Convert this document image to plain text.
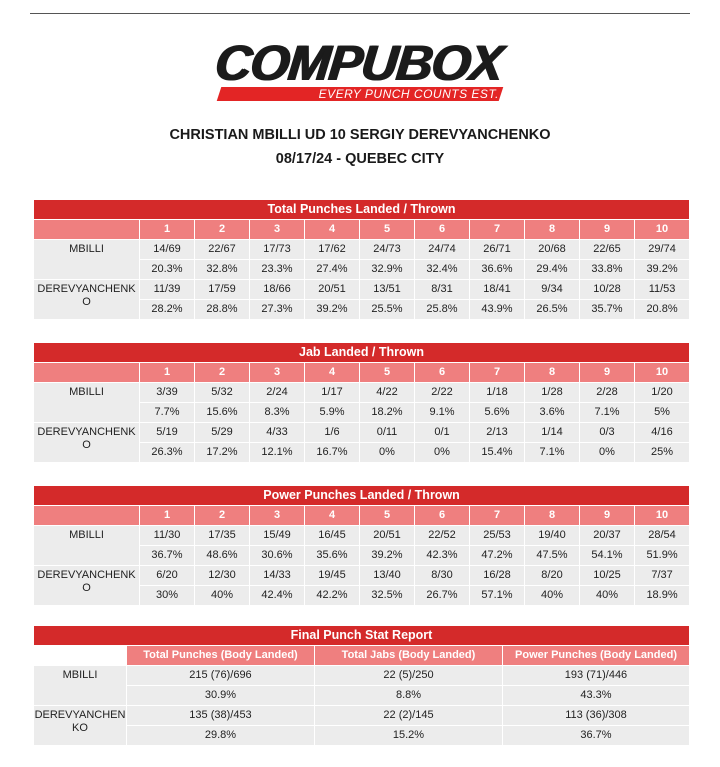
COMPUBOX
EVERY PUNCH COUNTS EST. 1985
CHRISTIAN MBILLI UD 10 SERGIY DEREVYANCHENKO
08/17/24 - QUEBEC CITY
Total Punches Landed / Thrown										
	1	2	3	4	5	6	7	8	9	10
MBILLI	14/69	22/67	17/73	17/62	24/73	24/74	26/71	20/68	22/65	29/74
	20.3%	32.8%	23.3%	27.4%	32.9%	32.4%	36.6%	29.4%	33.8%	39.2%
DEREVYANCHENKO	11/39	17/59	18/66	20/51	13/51	8/31	18/41	9/34	10/28	11/53
	28.2%	28.8%	27.3%	39.2%	25.5%	25.8%	43.9%	26.5%	35.7%	20.8%
Jab Landed / Thrown										
	1	2	3	4	5	6	7	8	9	10
MBILLI	3/39	5/32	2/24	1/17	4/22	2/22	1/18	1/28	2/28	1/20
	7.7%	15.6%	8.3%	5.9%	18.2%	9.1%	5.6%	3.6%	7.1%	5%
DEREVYANCHENKO	5/19	5/29	4/33	1/6	0/11	0/1	2/13	1/14	0/3	4/16
	26.3%	17.2%	12.1%	16.7%	0%	0%	15.4%	7.1%	0%	25%
Power Punches Landed / Thrown										
	1	2	3	4	5	6	7	8	9	10
MBILLI	11/30	17/35	15/49	16/45	20/51	22/52	25/53	19/40	20/37	28/54
	36.7%	48.6%	30.6%	35.6%	39.2%	42.3%	47.2%	47.5%	54.1%	51.9%
DEREVYANCHENKO	6/20	12/30	14/33	19/45	13/40	8/30	16/28	8/20	10/25	7/37
	30%	40%	42.4%	42.2%	32.5%	26.7%	57.1%	40%	40%	18.9%
Final Punch Stat Report			
	Total Punches (Body Landed)	Total Jabs (Body Landed)	Power Punches (Body Landed)
MBILLI	215 (76)/696	22 (5)/250	193 (71)/446
	30.9%	8.8%	43.3%
DEREVYANCHENKO	135 (38)/453	22 (2)/145	113 (36)/308
	29.8%	15.2%	36.7%
